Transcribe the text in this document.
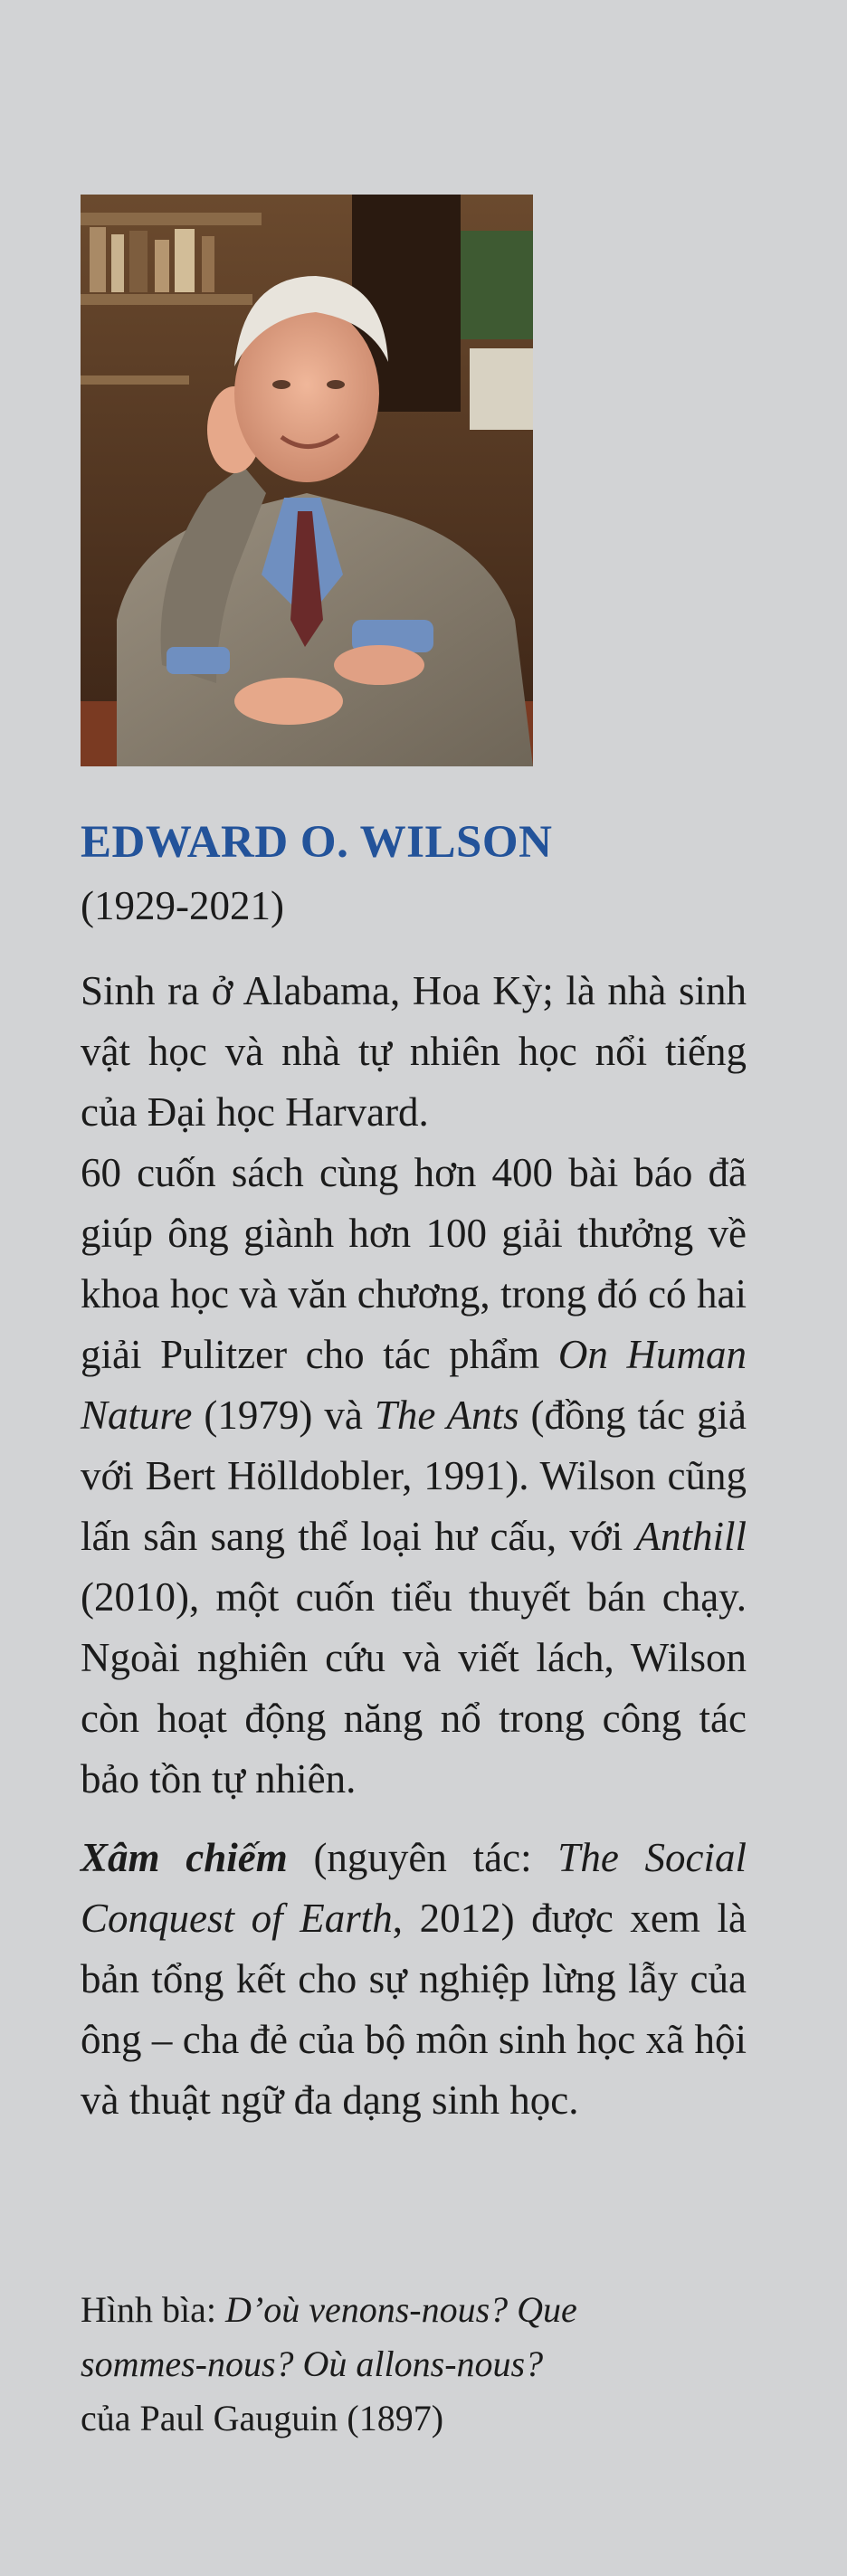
EDWARD O. WILSON
(1929-2021)

Sinh ra ở Alabama, Hoa Kỳ; là nhà sinh vật học và nhà tự nhiên học nổi tiếng của Đại học Harvard.

60 cuốn sách cùng hơn 400 bài báo đã giúp ông giành hơn 100 giải thưởng về khoa học và văn chương, trong đó có hai giải Pulitzer cho tác phẩm On Human Nature (1979) và The Ants (đồng tác giả với Bert Hölldobler, 1991). Wilson cũng lấn sân sang thể loại hư cấu, với Anthill (2010), một cuốn tiểu thuyết bán chạy. Ngoài nghiên cứu và viết lách, Wilson còn hoạt động năng nổ trong công tác bảo tồn tự nhiên.

Xâm chiếm (nguyên tác: The Social Conquest of Earth, 2012) được xem là bản tổng kết cho sự nghiệp lừng lẫy của ông – cha đẻ của bộ môn sinh học xã hội và thuật ngữ đa dạng sinh học.

Hình bìa: D’où venons-nous? Que

sommes-nous? Où allons-nous?

của Paul Gauguin (1897)
